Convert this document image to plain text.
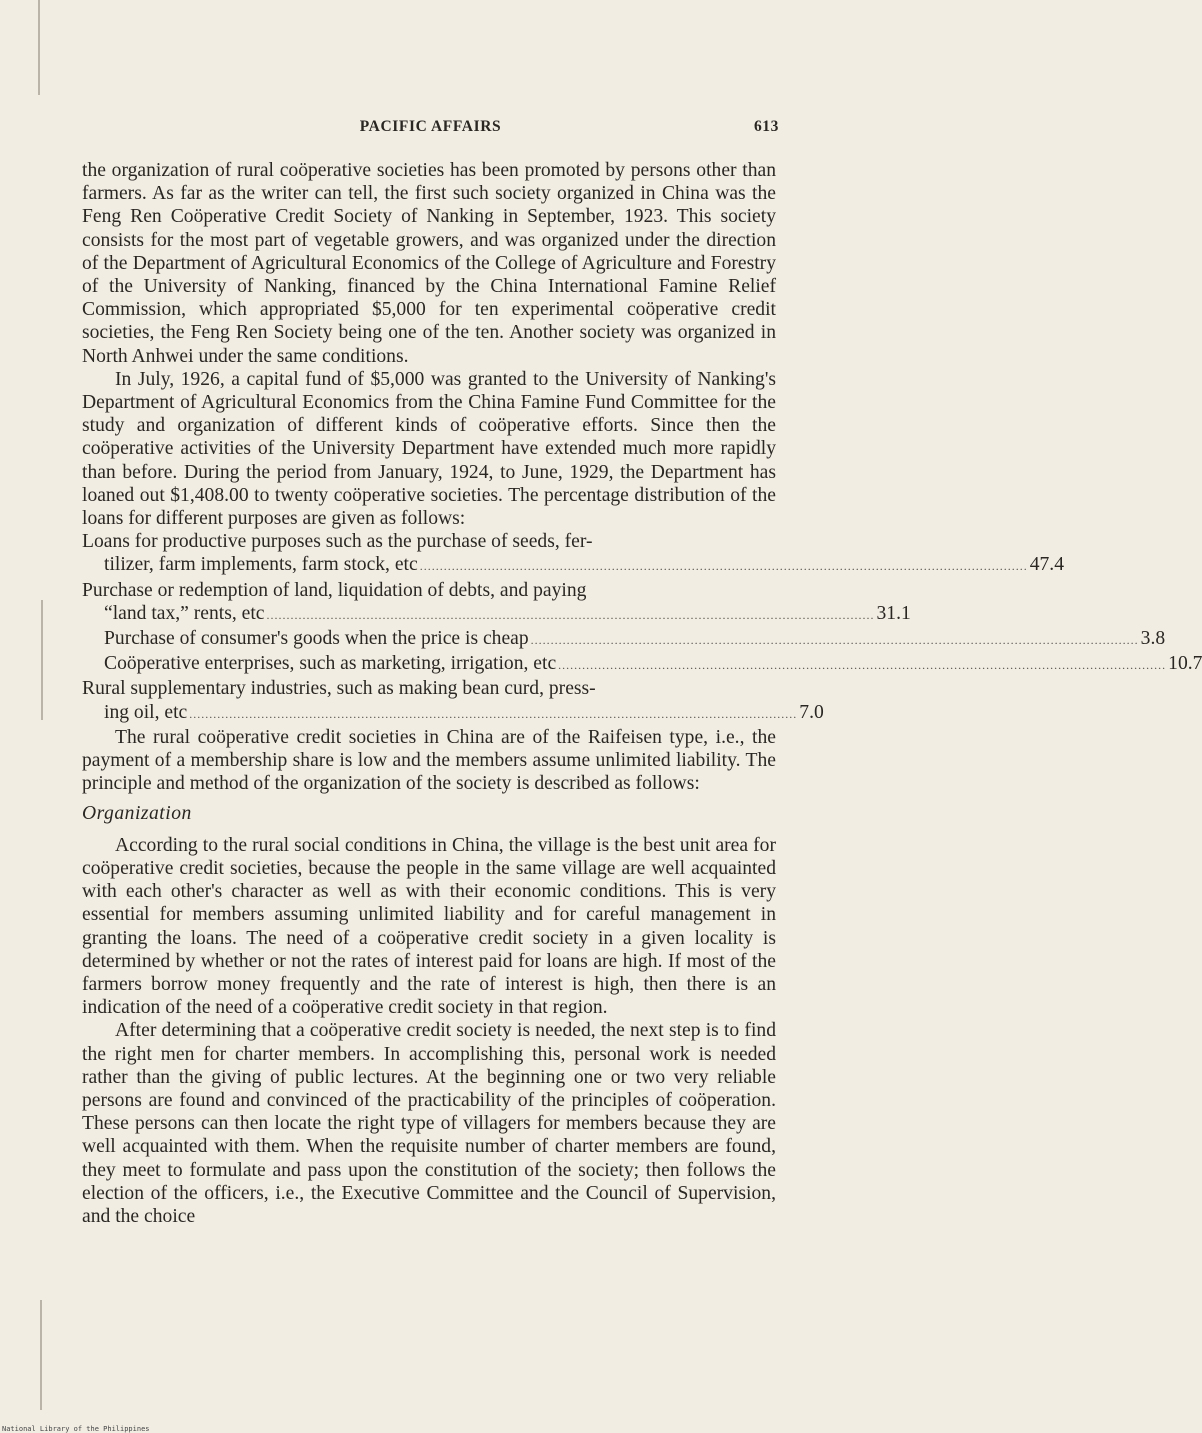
PACIFIC AFFAIRS	613

the organization of rural coöperative societies has been promoted by persons other than farmers. As far as the writer can tell, the first such society organized in China was the Feng Ren Coöperative Credit Society of Nanking in September, 1923. This society consists for the most part of vegetable growers, and was organized under the direction of the Department of Agricultural Economics of the College of Agriculture and Forestry of the University of Nanking, financed by the China International Famine Relief Commission, which appropriated $5,000 for ten experimental coöperative credit societies, the Feng Ren Society being one of the ten. Another society was organized in North Anhwei under the same conditions.

In July, 1926, a capital fund of $5,000 was granted to the University of Nanking's Department of Agricultural Economics from the China Famine Fund Committee for the study and organization of different kinds of coöperative efforts. Since then the coöperative activities of the University Department have extended much more rapidly than before. During the period from January, 1924, to June, 1929, the Department has loaned out $1,408.00 to twenty coöperative societies. The percentage distribution of the loans for different purposes are given as follows:

Loans for productive purposes such as the purchase of seeds, fer-
tilizer, farm implements, farm stock, etc ........................................................................................................................................................ 47.4
Purchase or redemption of land, liquidation of debts, and paying
“land tax,” rents, etc ........................................................................................................................................................ 31.1
Purchase of consumer's goods when the price is cheap ........................................................................................................................................................ 3.8
Coöperative enterprises, such as marketing, irrigation, etc ........................................................................................................................................................ 10.7
Rural supplementary industries, such as making bean curd, press-
ing oil, etc ........................................................................................................................................................ 7.0

The rural coöperative credit societies in China are of the Raifeisen type, i.e., the payment of a membership share is low and the members assume unlimited liability. The principle and method of the organization of the society is described as follows:

Organization

According to the rural social conditions in China, the village is the best unit area for coöperative credit societies, because the people in the same village are well acquainted with each other's character as well as with their economic conditions. This is very essential for members assuming unlimited liability and for careful management in granting the loans. The need of a coöperative credit society in a given locality is determined by whether or not the rates of interest paid for loans are high. If most of the farmers borrow money frequently and the rate of interest is high, then there is an indication of the need of a coöperative credit society in that region.

After determining that a coöperative credit society is needed, the next step is to find the right men for charter members. In accomplishing this, personal work is needed rather than the giving of public lectures. At the beginning one or two very reliable persons are found and convinced of the practicability of the principles of coöperation. These persons can then locate the right type of villagers for members because they are well acquainted with them. When the requisite number of charter members are found, they meet to formulate and pass upon the constitution of the society; then follows the election of the officers, i.e., the Executive Committee and the Council of Supervision, and the choice

National Library of the Philippines
